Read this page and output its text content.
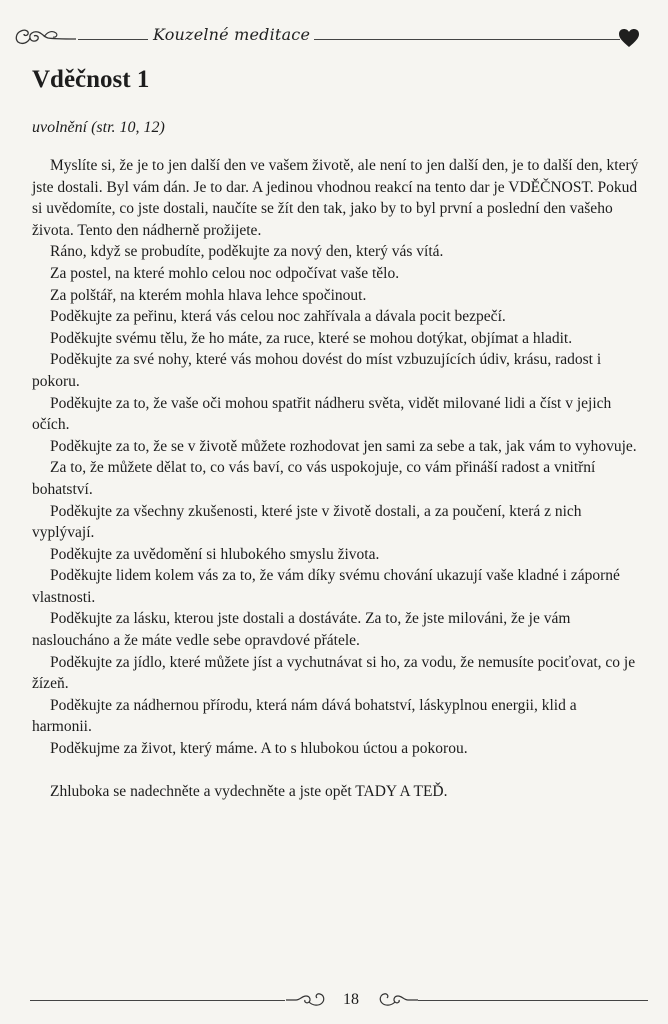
Kouzelné meditace
Vděčnost 1

uvolnění (str. 10, 12)

Myslíte si, že je to jen další den ve vašem životě, ale není to jen další den, je to další den, který jste dostali. Byl vám dán. Je to dar. A jedinou vhodnou reakcí na tento dar je VDĚČNOST. Pokud si uvědomíte, co jste dostali, naučíte se žít den tak, jako by to byl první a poslední den vašeho života. Tento den nádherně prožijete.

Ráno, když se probudíte, poděkujte za nový den, který vás vítá.

Za postel, na které mohlo celou noc odpočívat vaše tělo.

Za polštář, na kterém mohla hlava lehce spočinout.

Poděkujte za peřinu, která vás celou noc zahřívala a dávala pocit bezpečí.

Poděkujte svému tělu, že ho máte, za ruce, které se mohou dotýkat, objímat a hladit.

Poděkujte za své nohy, které vás mohou dovést do míst vzbuzujících údiv, krásu, radost i pokoru.

Poděkujte za to, že vaše oči mohou spatřit nádheru světa, vidět milované lidi a číst v jejich očích.

Poděkujte za to, že se v životě můžete rozhodovat jen sami za sebe a tak, jak vám to vyhovuje.

Za to, že můžete dělat to, co vás baví, co vás uspokojuje, co vám přináší radost a vnitřní bohatství.

Poděkujte za všechny zkušenosti, které jste v životě dostali, a za poučení, která z nich vyplývají.

Poděkujte za uvědomění si hlubokého smyslu života.

Poděkujte lidem kolem vás za to, že vám díky svému chování ukazují vaše kladné i záporné vlastnosti.

Poděkujte za lásku, kterou jste dostali a dostáváte. Za to, že jste milováni, že je vám nasloucháno a že máte vedle sebe opravdové přátele.

Poděkujte za jídlo, které můžete jíst a vychutnávat si ho, za vodu, že nemusíte pociťovat, co je žízeň.

Poděkujte za nádhernou přírodu, která nám dává bohatství, láskyplnou energii, klid a harmonii.

Poděkujme za život, který máme. A to s hlubokou úctou a pokorou.

Zhluboka se nadechněte a vydechněte a jste opět TADY A TEĎ.

18
